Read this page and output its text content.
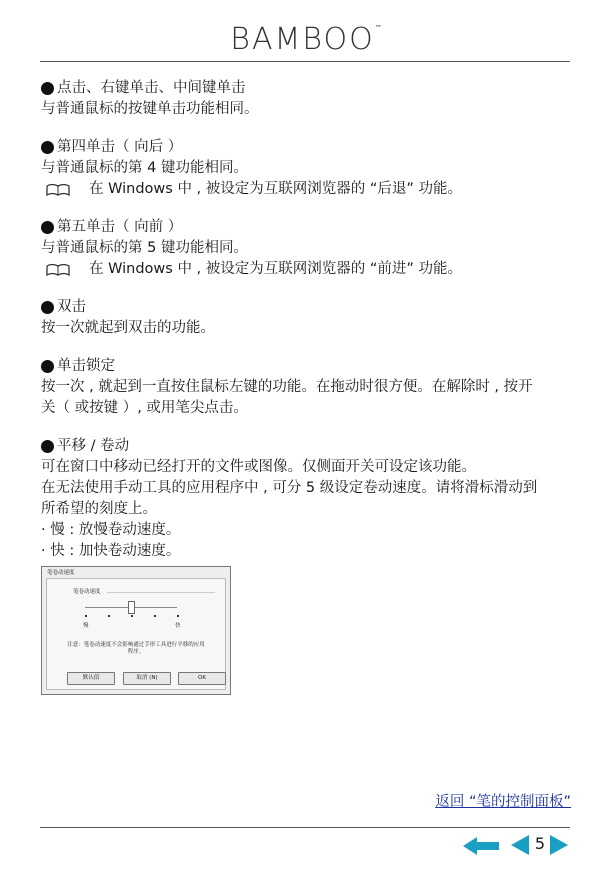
BAMBOO™
点击、右键单击、中间键单击

与普通鼠标的按键单击功能相同。

第四单击（ 向后 ）

与普通鼠标的第 4 键功能相同。

在 Windows 中 , 被设定为互联网浏览器的 “后退” 功能。
第五单击（ 向前 ）

与普通鼠标的第 5 键功能相同。

在 Windows 中 , 被设定为互联网浏览器的 “前进” 功能。
双击

按一次就起到双击的功能。

单击锁定

按一次 , 就起到一直按住鼠标左键的功能。在拖动时很方便。在解除时 , 按开

关（ 或按键 ）, 或用笔尖点击。

平移 / 卷动

可在窗口中移动已经打开的文件或图像。仅侧面开关可设定该功能。

在无法使用手动工具的应用程序中 , 可分 5 级设定卷动速度。请将滑标滑动到

所希望的刻度上。

· 慢 : 放慢卷动速度。

· 快 : 加快卷动速度。

笔卷动速度
笔卷动速度
慢	快
注意：笔卷动速度不会影响通过手形工具进行平移的应用
程序。
默认值	取消 (N)	OK
返回 “笔的控制面板”
5
